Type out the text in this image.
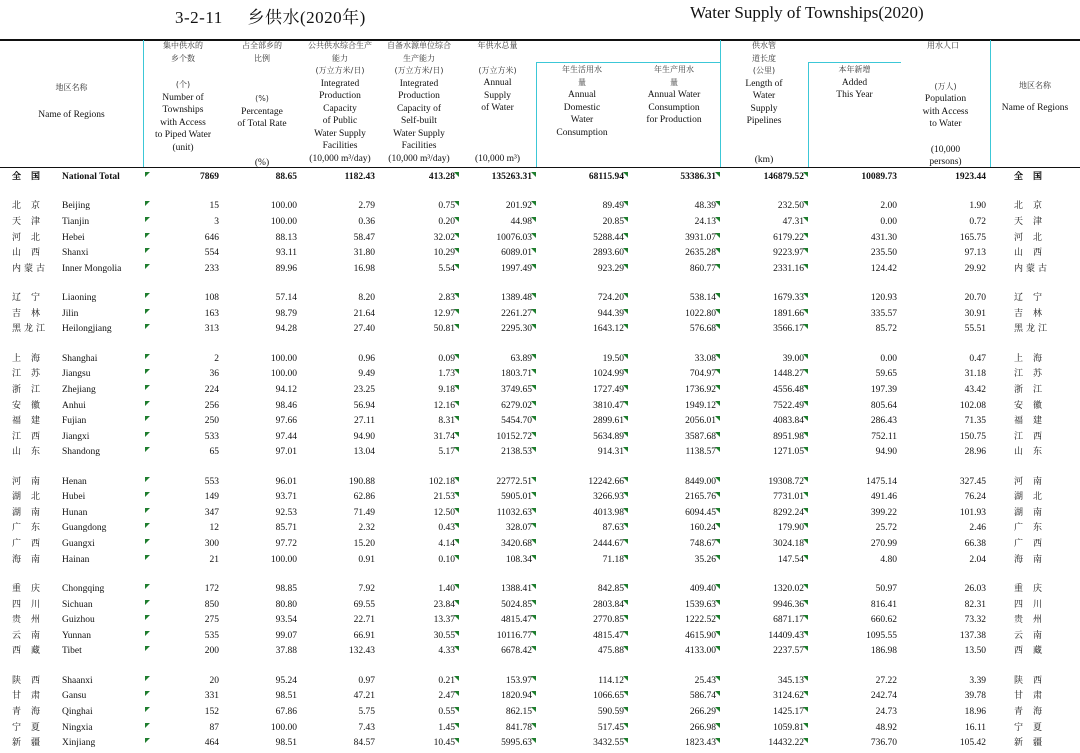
3-2-11 乡供水(2020年)	Water Supply of Townships(2020)
地区名称
Name of Regions
集中供水的乡个数
(个)
Number of
Townships
with Access
to Piped Water
(unit)
占全部乡的比例
(%)
Percentage
of Total Rate
(%)
公共供水综合生产能力
(万立方米/日)
Integrated
Production
Capacity
of Public
Water Supply
Facilities
(10,000 m³/day)
自备水源单位综合生产能力
(万立方米/日)
Integrated
Production
Capacity of
Self-built
Water Supply
Facilities
(10,000 m³/day)
年供水总量
(万立方米)
Annual
Supply
of Water
(10,000 m³)
年生活用水量
Annual
Domestic
Water
Consumption
年生产用水量
Annual Water
Consumption
for Production
供水管道长度
(公里)
Length of
Water
Supply
Pipelines
(km)
本年新增
Added
This Year
用水人口
(万人)
Population
with Access
to Water
(10,000
persons)
地区名称
Name of Regions
全国	National Total	7869	88.65	1182.43	413.28	135263.31	68115.94	53386.31	146879.52	10089.73	1923.44	全国

北京	Beijing	15	100.00	2.79	0.75	201.92	89.49	48.39	232.50	2.00	1.90	北京
天津	Tianjin	3	100.00	0.36	0.20	44.98	20.85	24.13	47.31	0.00	0.72	天津
河北	Hebei	646	88.13	58.47	32.02	10076.03	5288.44	3931.07	6179.22	431.30	165.75	河北
山西	Shanxi	554	93.11	31.80	10.29	6089.01	2893.60	2635.28	9223.97	235.50	97.13	山西
内蒙古	Inner Mongolia	233	89.96	16.98	5.54	1997.49	923.29	860.77	2331.16	124.42	29.92	内蒙古

辽宁	Liaoning	108	57.14	8.20	2.83	1389.48	724.20	538.14	1679.33	120.93	20.70	辽宁
吉林	Jilin	163	98.79	21.64	12.97	2261.27	944.39	1022.80	1891.66	335.57	30.91	吉林
黑龙江	Heilongjiang	313	94.28	27.40	50.81	2295.30	1643.12	576.68	3566.17	85.72	55.51	黑龙江

上海	Shanghai	2	100.00	0.96	0.09	63.89	19.50	33.08	39.00	0.00	0.47	上海
江苏	Jiangsu	36	100.00	9.49	1.73	1803.71	1024.99	704.97	1448.27	59.65	31.18	江苏
浙江	Zhejiang	224	94.12	23.25	9.18	3749.65	1727.49	1736.92	4556.48	197.39	43.42	浙江
安徽	Anhui	256	98.46	56.94	12.16	6279.02	3810.47	1949.12	7522.49	805.64	102.08	安徽
福建	Fujian	250	97.66	27.11	8.31	5454.70	2899.61	2056.01	4083.84	286.43	71.35	福建
江西	Jiangxi	533	97.44	94.90	31.74	10152.72	5634.89	3587.68	8951.98	752.11	150.75	江西
山东	Shandong	65	97.01	13.04	5.17	2138.53	914.31	1138.57	1271.05	94.90	28.96	山东

河南	Henan	553	96.01	190.88	102.18	22772.51	12242.66	8449.00	19308.72	1475.14	327.45	河南
湖北	Hubei	149	93.71	62.86	21.53	5905.01	3266.93	2165.76	7731.01	491.46	76.24	湖北
湖南	Hunan	347	92.53	71.49	12.50	11032.63	4013.98	6094.45	8292.24	399.22	101.93	湖南
广东	Guangdong	12	85.71	2.32	0.43	328.07	87.63	160.24	179.90	25.72	2.46	广东
广西	Guangxi	300	97.72	15.20	4.14	3420.68	2444.67	748.67	3024.18	270.99	66.38	广西
海南	Hainan	21	100.00	0.91	0.10	108.34	71.18	35.26	147.54	4.80	2.04	海南

重庆	Chongqing	172	98.85	7.92	1.40	1388.41	842.85	409.40	1320.02	50.97	26.03	重庆
四川	Sichuan	850	80.80	69.55	23.84	5024.85	2803.84	1539.63	9946.36	816.41	82.31	四川
贵州	Guizhou	275	93.54	22.71	13.37	4815.47	2770.85	1222.52	6871.17	660.62	73.32	贵州
云南	Yunnan	535	99.07	66.91	30.55	10116.77	4815.47	4615.90	14409.43	1095.55	137.38	云南
西藏	Tibet	200	37.88	132.43	4.33	6678.42	475.88	4133.00	2237.57	186.98	13.50	西藏

陕西	Shaanxi	20	95.24	0.97	0.21	153.97	114.12	25.43	345.13	27.22	3.39	陕西
甘肃	Gansu	331	98.51	47.21	2.47	1820.94	1066.65	586.74	3124.62	242.74	39.78	甘肃
青海	Qinghai	152	67.86	5.75	0.55	862.15	590.59	266.29	1425.17	24.73	18.96	青海
宁夏	Ningxia	87	100.00	7.43	1.45	841.78	517.45	266.98	1059.81	48.92	16.11	宁夏
新疆	Xinjiang	464	98.51	84.57	10.45	5995.63	3432.55	1823.43	14432.22	736.70	105.42	新疆
